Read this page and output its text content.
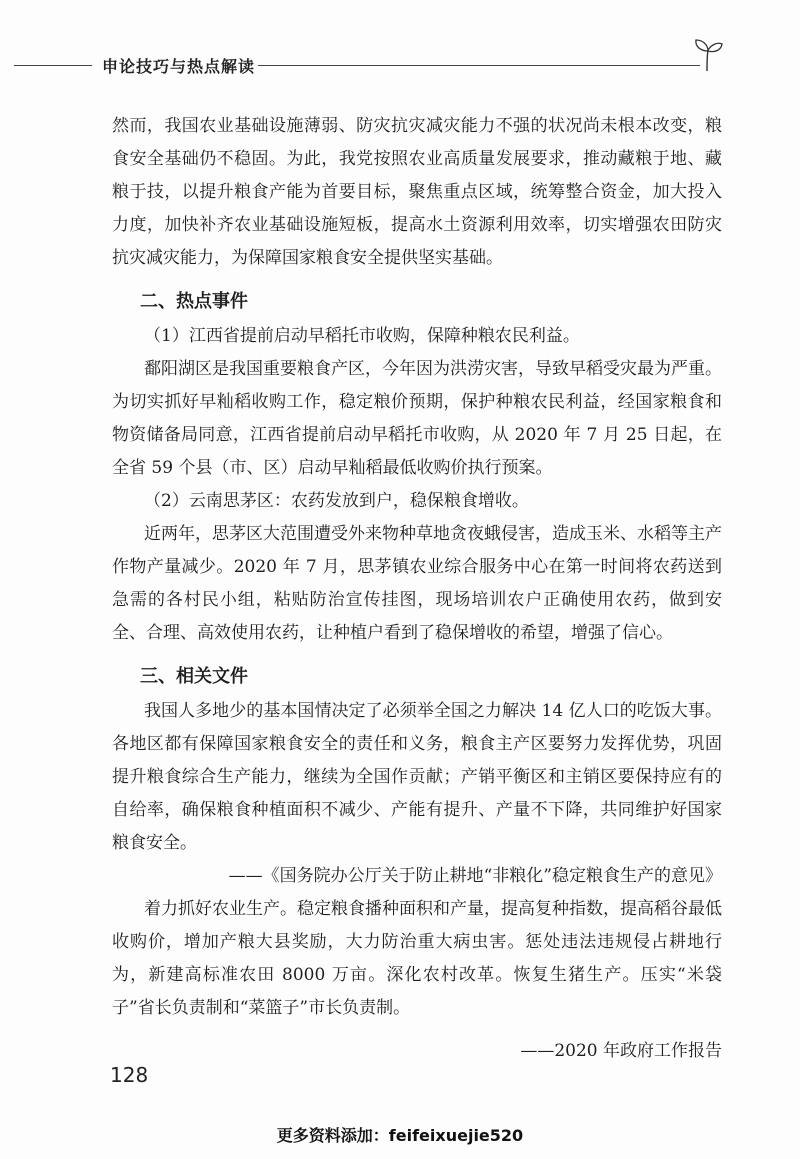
申论技巧与热点解读

然而，我国农业基础设施薄弱、防灾抗灾减灾能力不强的状况尚未根本改变，粮食安全基础仍不稳固。为此，我党按照农业高质量发展要求，推动藏粮于地、藏粮于技，以提升粮食产能为首要目标，聚焦重点区域，统筹整合资金，加大投入力度，加快补齐农业基础设施短板，提高水土资源利用效率，切实增强农田防灾抗灾减灾能力，为保障国家粮食安全提供坚实基础。

二、热点事件

（1）江西省提前启动早稻托市收购，保障种粮农民利益。

鄱阳湖区是我国重要粮食产区，今年因为洪涝灾害，导致早稻受灾最为严重。为切实抓好早籼稻收购工作，稳定粮价预期，保护种粮农民利益，经国家粮食和物资储备局同意，江西省提前启动早稻托市收购，从 2020 年 7 月 25 日起，在全省 59 个县（市、区）启动早籼稻最低收购价执行预案。

（2）云南思茅区：农药发放到户，稳保粮食增收。

近两年，思茅区大范围遭受外来物种草地贪夜蛾侵害，造成玉米、水稻等主产作物产量减少。2020 年 7 月，思茅镇农业综合服务中心在第一时间将农药送到急需的各村民小组，粘贴防治宣传挂图，现场培训农户正确使用农药，做到安全、合理、高效使用农药，让种植户看到了稳保增收的希望，增强了信心。

三、相关文件

我国人多地少的基本国情决定了必须举全国之力解决 14 亿人口的吃饭大事。各地区都有保障国家粮食安全的责任和义务，粮食主产区要努力发挥优势，巩固提升粮食综合生产能力，继续为全国作贡献；产销平衡区和主销区要保持应有的自给率，确保粮食种植面积不减少、产能有提升、产量不下降，共同维护好国家粮食安全。

——《国务院办公厅关于防止耕地“非粮化”稳定粮食生产的意见》

着力抓好农业生产。稳定粮食播种面积和产量，提高复种指数，提高稻谷最低收购价，增加产粮大县奖励，大力防治重大病虫害。惩处违法违规侵占耕地行为，新建高标准农田 8000 万亩。深化农村改革。恢复生猪生产。压实“米袋子”省长负责制和“菜篮子”市长负责制。

——2020 年政府工作报告

128
更多资料添加：feifeixuejie520
